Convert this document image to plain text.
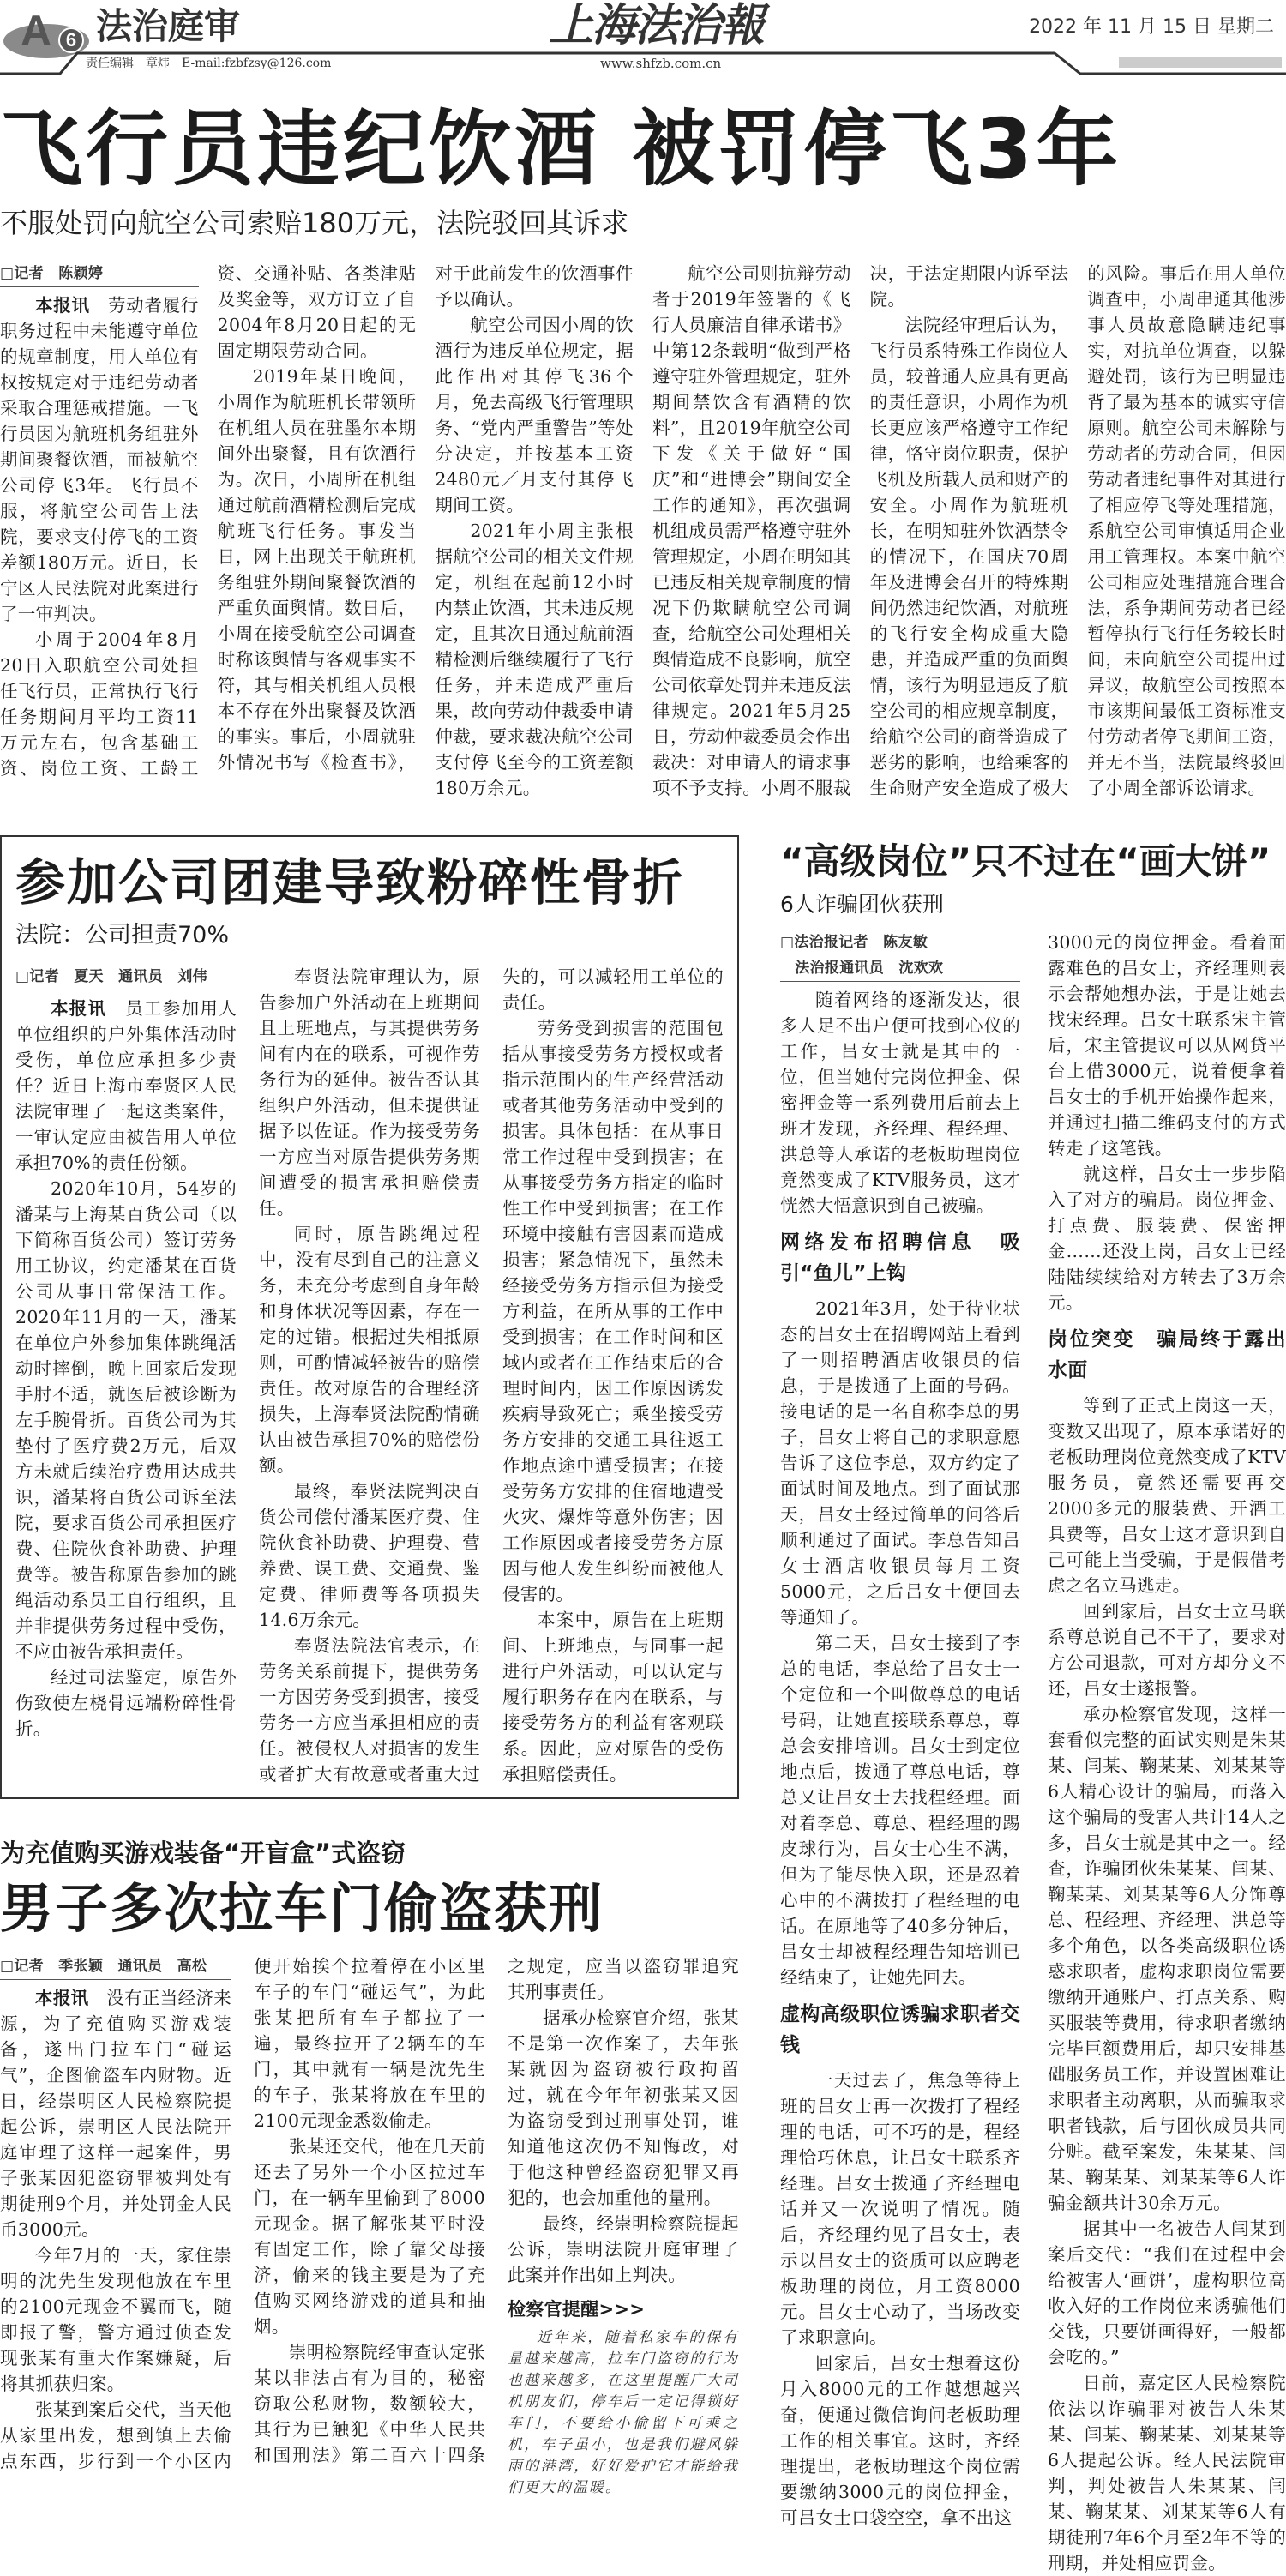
A 6 法治庭审	上海法治報	2022 年 11 月 15 日 星期二
责任编辑　章炜　E-mail:fzbfzsy@126.com	www.shfzb.com.cn
飞行员违纪饮酒 被罚停飞3年
不服处罚向航空公司索赔180万元，法院驳回其诉求
□记者　陈颖婷

本报讯　劳动者履行职务过程中未能遵守单位的规章制度，用人单位有权按规定对于违纪劳动者采取合理惩戒措施。一飞行员因为航班机务组驻外期间聚餐饮酒，而被航空公司停飞3年。飞行员不服，将航空公司告上法院，要求支付停飞的工资差额180万元。近日，长宁区人民法院对此案进行了一审判决。

小周于2004年8月20日入职航空公司处担任飞行员，正常执行飞行任务期间月平均工资11万元左右，包含基础工资、岗位工资、工龄工资、交通补贴、各类津贴及奖金等，双方订立了自2004年8月20日起的无固定期限劳动合同。

2019年某日晚间，小周作为航班机长带领所在机组人员在驻墨尔本期间外出聚餐，且有饮酒行为。次日，小周所在机组通过航前酒精检测后完成航班飞行任务。事发当日，网上出现关于航班机务组驻外期间聚餐饮酒的严重负面舆情。数日后，小周在接受航空公司调查时称该舆情与客观事实不符，其与相关机组人员根本不存在外出聚餐及饮酒的事实。事后，小周就驻外情况书写《检查书》，对于此前发生的饮酒事件予以确认。

航空公司因小周的饮酒行为违反单位规定，据此作出对其停飞36个月，免去高级飞行管理职务、“党内严重警告”等处分决定，并按基本工资2480元／月支付其停飞期间工资。

2021年小周主张根据航空公司的相关文件规定，机组在起前12小时内禁止饮酒，其未违反规定，且其次日通过航前酒精检测后继续履行了飞行任务，并未造成严重后果，故向劳动仲裁委申请仲裁，要求裁决航空公司支付停飞至今的工资差额180万余元。

航空公司则抗辩劳动者于2019年签署的《飞行人员廉洁自律承诺书》中第12条载明“做到严格遵守驻外管理规定，驻外期间禁饮含有酒精的饮料”，且2019年航空公司下发《关于做好“国庆”和“进博会”期间安全工作的通知》，再次强调机组成员需严格遵守驻外管理规定，小周在明知其已违反相关规章制度的情况下仍欺瞒航空公司调查，给航空公司处理相关舆情造成不良影响，航空公司依章处罚并未违反法律规定。2021年5月25日，劳动仲裁委员会作出裁决：对申请人的请求事项不予支持。小周不服裁决，于法定期限内诉至法院。

法院经审理后认为，飞行员系特殊工作岗位人员，较普通人应具有更高的责任意识，小周作为机长更应该严格遵守工作纪律，恪守岗位职责，保护飞机及所载人员和财产的安全。小周作为航班机长，在明知驻外饮酒禁令的情况下，在国庆70周年及进博会召开的特殊期间仍然违纪饮酒，对航班的飞行安全构成重大隐患，并造成严重的负面舆情，该行为明显违反了航空公司的相应规章制度，给航空公司的商誉造成了恶劣的影响，也给乘客的生命财产安全造成了极大的风险。事后在用人单位调查中，小周串通其他涉事人员故意隐瞒违纪事实，对抗单位调查，以躲避处罚，该行为已明显违背了最为基本的诚实守信原则。航空公司未解除与劳动者的劳动合同，但因劳动者违纪事件对其进行了相应停飞等处理措施，系航空公司审慎适用企业用工管理权。本案中航空公司相应处理措施合理合法，系争期间劳动者已经暂停执行飞行任务较长时间，未向航空公司提出过异议，故航空公司按照本市该期间最低工资标准支付劳动者停飞期间工资，并无不当，法院最终驳回了小周全部诉讼请求。

参加公司团建导致粉碎性骨折
法院：公司担责70%
□记者　夏天　通讯员　刘伟

本报讯　员工参加用人单位组织的户外集体活动时受伤，单位应承担多少责任？近日上海市奉贤区人民法院审理了一起这类案件，一审认定应由被告用人单位承担70%的责任份额。

2020年10月，54岁的潘某与上海某百货公司（以下简称百货公司）签订劳务用工协议，约定潘某在百货公司从事日常保洁工作。2020年11月的一天，潘某在单位户外参加集体跳绳活动时摔倒，晚上回家后发现手肘不适，就医后被诊断为左手腕骨折。百货公司为其垫付了医疗费2万元，后双方未就后续治疗费用达成共识，潘某将百货公司诉至法院，要求百货公司承担医疗费、住院伙食补助费、护理费等。被告称原告参加的跳绳活动系员工自行组织，且并非提供劳务过程中受伤，不应由被告承担责任。

经过司法鉴定，原告外伤致使左桡骨远端粉碎性骨折。

奉贤法院审理认为，原告参加户外活动在上班期间且上班地点，与其提供劳务间有内在的联系，可视作劳务行为的延伸。被告否认其组织户外活动，但未提供证据予以佐证。作为接受劳务一方应当对原告提供劳务期间遭受的损害承担赔偿责任。

同时，原告跳绳过程中，没有尽到自己的注意义务，未充分考虑到自身年龄和身体状况等因素，存在一定的过错。根据过失相抵原则，可酌情减轻被告的赔偿责任。故对原告的合理经济损失，上海奉贤法院酌情确认由被告承担70%的赔偿份额。

最终，奉贤法院判决百货公司偿付潘某医疗费、住院伙食补助费、护理费、营养费、误工费、交通费、鉴定费、律师费等各项损失14.6万余元。

奉贤法院法官表示，在劳务关系前提下，提供劳务一方因劳务受到损害，接受劳务一方应当承担相应的责任。被侵权人对损害的发生或者扩大有故意或者重大过失的，可以减轻用工单位的责任。

劳务受到损害的范围包括从事接受劳务方授权或者指示范围内的生产经营活动或者其他劳务活动中受到的损害。具体包括：在从事日常工作过程中受到损害；在从事接受劳务方指定的临时性工作中受到损害；在工作环境中接触有害因素而造成损害；紧急情况下，虽然未经接受劳务方指示但为接受方利益，在所从事的工作中受到损害；在工作时间和区域内或者在工作结束后的合理时间内，因工作原因诱发疾病导致死亡；乘坐接受劳务方安排的交通工具往返工作地点途中遭受损害；在接受劳务方安排的住宿地遭受火灾、爆炸等意外伤害；因工作原因或者接受劳务方原因与他人发生纠纷而被他人侵害的。

本案中，原告在上班期间、上班地点，与同事一起进行户外活动，可以认定与履行职务存在内在联系，与接受劳务方的利益有客观联系。因此，应对原告的受伤承担赔偿责任。

为充值购买游戏装备“开盲盒”式盗窃
男子多次拉车门偷盗获刑
□记者　季张颖　通讯员　高松

本报讯　没有正当经济来源，为了充值购买游戏装备，遂出门拉车门“碰运气”，企图偷盗车内财物。近日，经崇明区人民检察院提起公诉，崇明区人民法院开庭审理了这样一起案件，男子张某因犯盗窃罪被判处有期徒刑9个月，并处罚金人民币3000元。

今年7月的一天，家住崇明的沈先生发现他放在车里的2100元现金不翼而飞，随即报了警，警方通过侦查发现张某有重大作案嫌疑，后将其抓获归案。

张某到案后交代，当天他从家里出发，想到镇上去偷点东西，步行到一个小区内便开始挨个拉着停在小区里车子的车门“碰运气”，为此张某把所有车子都拉了一遍，最终拉开了2辆车的车门，其中就有一辆是沈先生的车子，张某将放在车里的2100元现金悉数偷走。

张某还交代，他在几天前还去了另外一个小区拉过车门，在一辆车里偷到了8000元现金。据了解张某平时没有固定工作，除了靠父母接济，偷来的钱主要是为了充值购买网络游戏的道具和抽烟。

崇明检察院经审查认定张某以非法占有为目的，秘密窃取公私财物，数额较大，其行为已触犯《中华人民共和国刑法》第二百六十四条之规定，应当以盗窃罪追究其刑事责任。

据承办检察官介绍，张某不是第一次作案了，去年张某就因为盗窃被行政拘留过，就在今年年初张某又因为盗窃受到过刑事处罚，谁知道他这次仍不知悔改，对于他这种曾经盗窃犯罪又再犯的，也会加重他的量刑。

最终，经崇明检察院提起公诉，崇明法院开庭审理了此案并作出如上判决。

检察官提醒>>>
近年来，随着私家车的保有量越来越高，拉车门盗窃的行为也越来越多，在这里提醒广大司机朋友们，停车后一定记得锁好车门，不要给小偷留下可乘之机，车子虽小，也是我们避风躲雨的港湾，好好爱护它才能给我们更大的温暖。
“高级岗位”只不过在“画大饼”
6人诈骗团伙获刑
□法治报记者　陈友敏
　法治报通讯员　沈欢欢

随着网络的逐渐发达，很多人足不出户便可找到心仪的工作，吕女士就是其中的一位，但当她付完岗位押金、保密押金等一系列费用后前去上班才发现，齐经理、程经理、洪总等人承诺的老板助理岗位竟然变成了KTV服务员，这才恍然大悟意识到自己被骗。

网络发布招聘信息　吸引“鱼儿”上钩

2021年3月，处于待业状态的吕女士在招聘网站上看到了一则招聘酒店收银员的信息，于是拨通了上面的号码。接电话的是一名自称李总的男子，吕女士将自己的求职意愿告诉了这位李总，双方约定了面试时间及地点。到了面试那天，吕女士经过简单的问答后顺利通过了面试。李总告知吕女士酒店收银员每月工资5000元，之后吕女士便回去等通知了。

第二天，吕女士接到了李总的电话，李总给了吕女士一个定位和一个叫做尊总的电话号码，让她直接联系尊总，尊总会安排培训。吕女士到定位地点后，拨通了尊总电话，尊总又让吕女士去找程经理。面对着李总、尊总、程经理的踢皮球行为，吕女士心生不满，但为了能尽快入职，还是忍着心中的不满拨打了程经理的电话。在原地等了40多分钟后，吕女士却被程经理告知培训已经结束了，让她先回去。

虚构高级职位诱骗求职者交钱

一天过去了，焦急等待上班的吕女士再一次拨打了程经理的电话，可不巧的是，程经理恰巧休息，让吕女士联系齐经理。吕女士拨通了齐经理电话并又一次说明了情况。随后，齐经理约见了吕女士，表示以吕女士的资质可以应聘老板助理的岗位，月工资8000元。吕女士心动了，当场改变了求职意向。

回家后，吕女士想着这份月入8000元的工作越想越兴奋，便通过微信询问老板助理工作的相关事宜。这时，齐经理提出，老板助理这个岗位需要缴纳3000元的岗位押金，可吕女士口袋空空，拿不出这

3000元的岗位押金。看着面露难色的吕女士，齐经理则表示会帮她想办法，于是让她去找宋经理。吕女士联系宋主管后，宋主管提议可以从网贷平台上借3000元，说着便拿着吕女士的手机开始操作起来，并通过扫描二维码支付的方式转走了这笔钱。

就这样，吕女士一步步陷入了对方的骗局。岗位押金、打点费、服装费、保密押金……还没上岗，吕女士已经陆陆续续给对方转去了3万余元。

岗位突变　骗局终于露出水面

等到了正式上岗这一天，变数又出现了，原本承诺好的老板助理岗位竟然变成了KTV服务员，竟然还需要再交2000多元的服装费、开酒工具费等，吕女士这才意识到自己可能上当受骗，于是假借考虑之名立马逃走。

回到家后，吕女士立马联系尊总说自己不干了，要求对方公司退款，可对方却分文不还，吕女士遂报警。

承办检察官发现，这样一套看似完整的面试实则是朱某某、闫某、鞠某某、刘某某等6人精心设计的骗局，而落入这个骗局的受害人共计14人之多，吕女士就是其中之一。经查，诈骗团伙朱某某、闫某、鞠某某、刘某某等6人分饰尊总、程经理、齐经理、洪总等多个角色，以各类高级职位诱惑求职者，虚构求职岗位需要缴纳开通账户、打点关系、购买服装等费用，待求职者缴纳完毕巨额费用后，却只安排基础服务员工作，并设置困难让求职者主动离职，从而骗取求职者钱款，后与团伙成员共同分赃。截至案发，朱某某、闫某、鞠某某、刘某某等6人诈骗金额共计30余万元。

据其中一名被告人闫某到案后交代：“我们在过程中会给被害人‘画饼’，虚构职位高收入好的工作岗位来诱骗他们交钱，只要饼画得好，一般都会吃的。”

日前，嘉定区人民检察院依法以诈骗罪对被告人朱某某、闫某、鞠某某、刘某某等6人提起公诉。经人民法院审判，判处被告人朱某某、闫某、鞠某某、刘某某等6人有期徒刑7年6个月至2年不等的刑期，并处相应罚金。
